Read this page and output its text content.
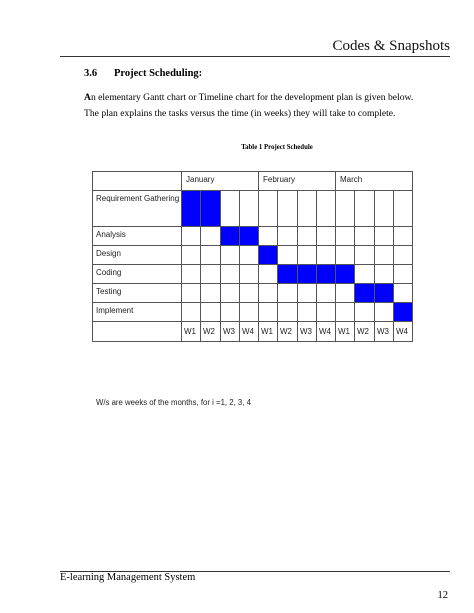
Codes & Snapshots
3.6 Project Scheduling:
An elementary Gantt chart or Timeline chart for the development plan is given below. The plan explains the tasks versus the time (in weeks) they will take to complete.
Table 1 Project Schedule
	January				February				March			
Requirement Gathering												
Analysis												
Design												
Coding												
Testing												
Implement												
	W1	W2	W3	W4	W1	W2	W3	W4	W1	W2	W3	W4
W/s are weeks of the months, for i =1, 2, 3, 4
E-learning Management System
12
